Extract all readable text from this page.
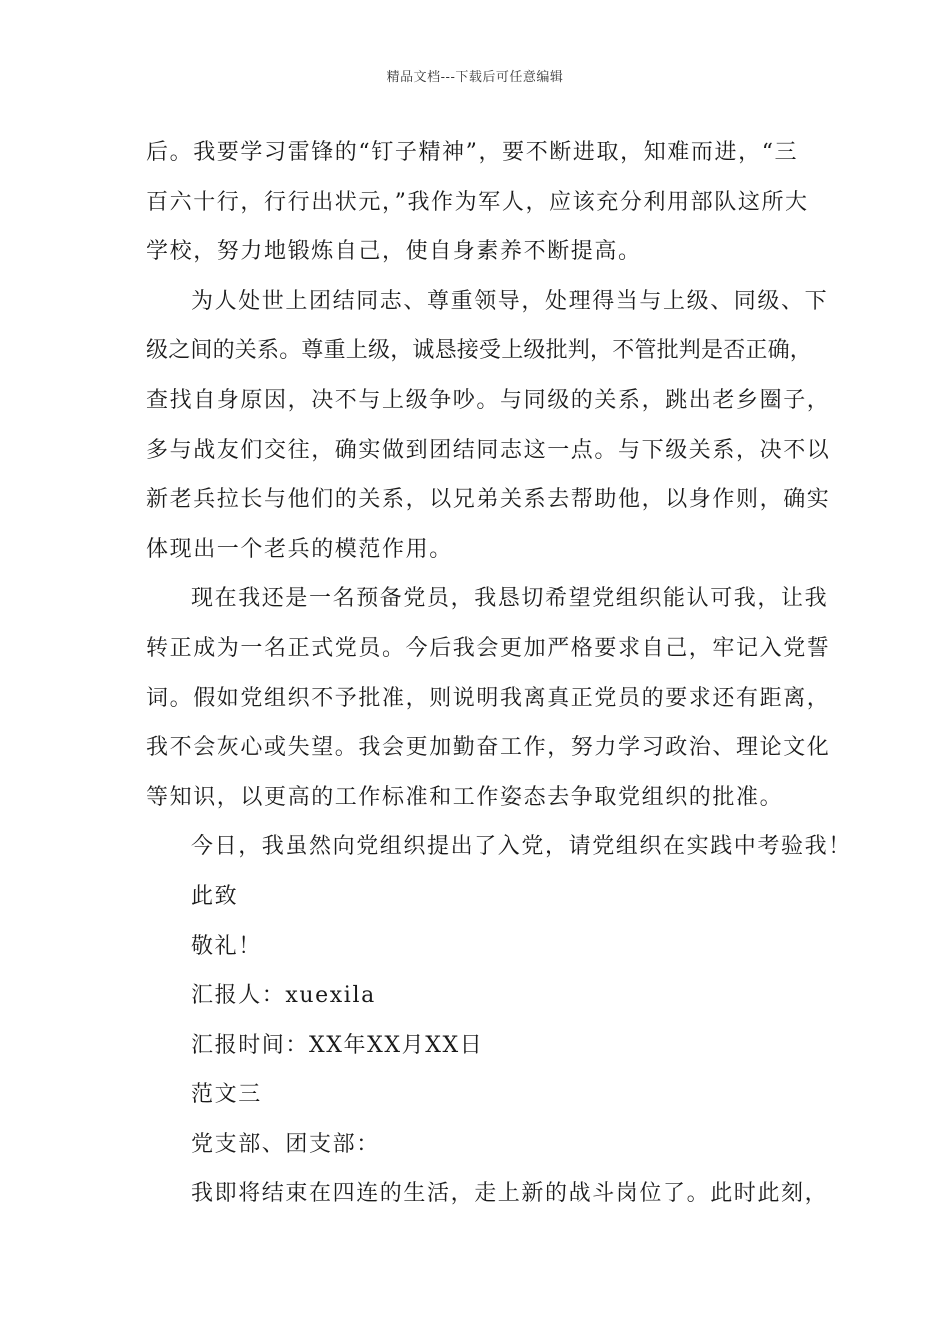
精品文档---下载后可任意编辑
后。我要学习雷锋的“钉子精神”，要不断进取，知难而进，“三
百六十行，行行出状元，”我作为军人，应该充分利用部队这所大
学校，努力地锻炼自己，使自身素养不断提高。
为人处世上团结同志、尊重领导，处理得当与上级、同级、下
级之间的关系。尊重上级，诚恳接受上级批判，不管批判是否正确，
查找自身原因，决不与上级争吵。与同级的关系，跳出老乡圈子，
多与战友们交往，确实做到团结同志这一点。与下级关系，决不以
新老兵拉长与他们的关系，以兄弟关系去帮助他，以身作则，确实
体现出一个老兵的模范作用。
现在我还是一名预备党员，我恳切希望党组织能认可我，让我
转正成为一名正式党员。今后我会更加严格要求自己，牢记入党誓
词。假如党组织不予批准，则说明我离真正党员的要求还有距离，
我不会灰心或失望。我会更加勤奋工作，努力学习政治、理论文化
等知识，以更高的工作标准和工作姿态去争取党组织的批准。
今日，我虽然向党组织提出了入党，请党组织在实践中考验我！
此致
敬礼！
汇报人：xuexila
汇报时间：XX年XX月XX日
范文三
党支部、团支部：
我即将结束在四连的生活，走上新的战斗岗位了。此时此刻，
